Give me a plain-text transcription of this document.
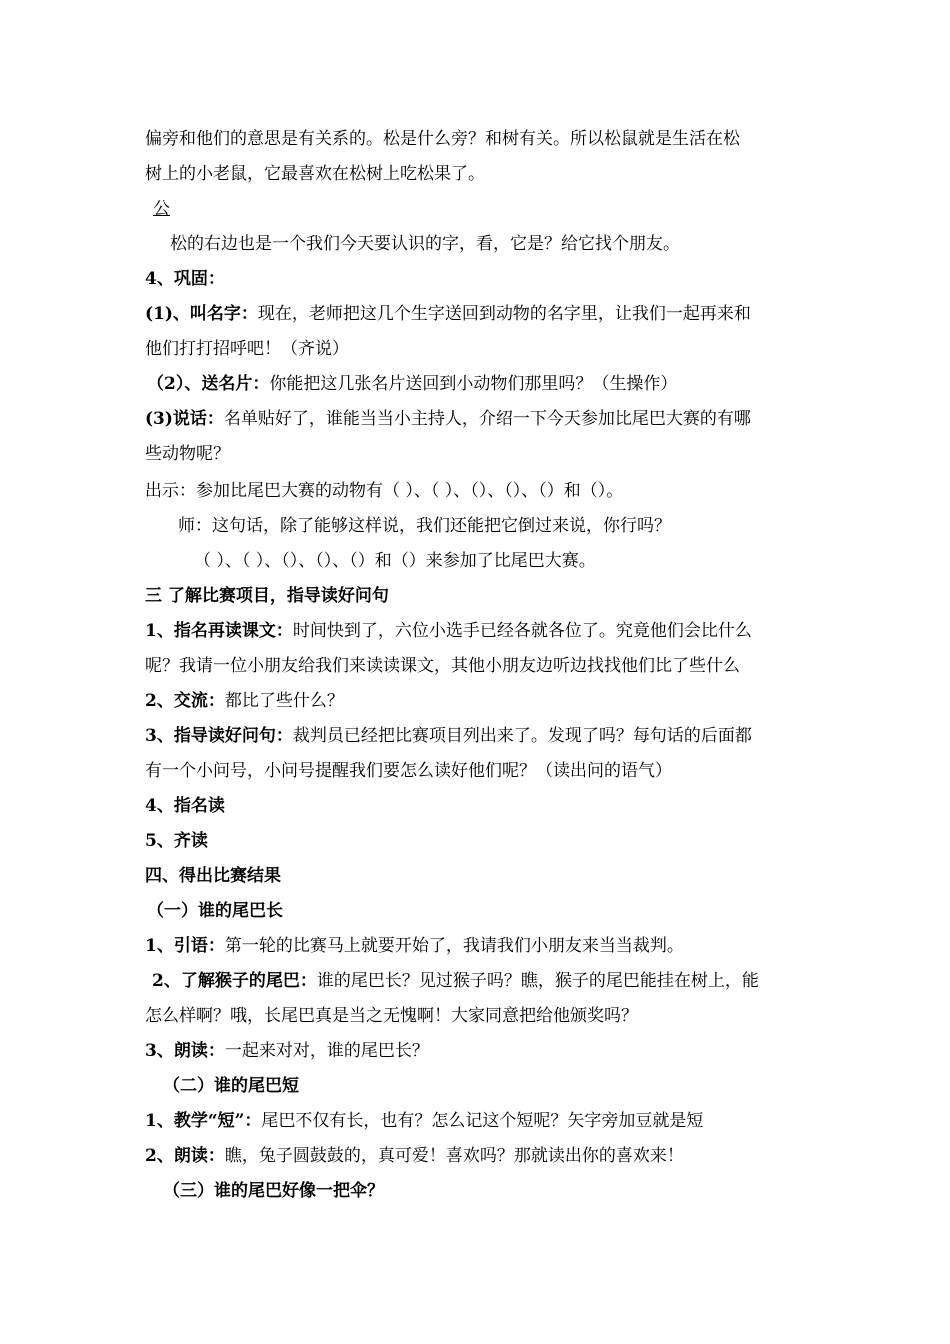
偏旁和他们的意思是有关系的。松是什么旁？和树有关。所以松鼠就是生活在松
树上的小老鼠，它最喜欢在松树上吃松果了。
公
松的右边也是一个我们今天要认识的字，看，它是？给它找个朋友。
4、巩固：
(1)、叫名字：现在，老师把这几个生字送回到动物的名字里，让我们一起再来和
他们打打招呼吧！（齐说）
（2）、送名片：你能把这几张名片送回到小动物们那里吗？（生操作）
(3)说话：名单贴好了，谁能当当小主持人，介绍一下今天参加比尾巴大赛的有哪
些动物呢？
出示：参加比尾巴大赛的动物有（ ）、（ ）、（）、（）、（）和（）。
师：这句话，除了能够这样说，我们还能把它倒过来说，你行吗？
（ ）、（ ）、（）、（）、（）和（）来参加了比尾巴大赛。
三 了解比赛项目，指导读好问句
1、指名再读课文：时间快到了，六位小选手已经各就各位了。究竟他们会比什么
呢？我请一位小朋友给我们来读读课文，其他小朋友边听边找找他们比了些什么
2、交流：都比了些什么？
3、指导读好问句：裁判员已经把比赛项目列出来了。发现了吗？每句话的后面都
有一个小问号，小问号提醒我们要怎么读好他们呢？（读出问的语气）
4、指名读
5、齐读
四、得出比赛结果
（一）谁的尾巴长
1、引语：第一轮的比赛马上就要开始了，我请我们小朋友来当当裁判。
2、了解猴子的尾巴：谁的尾巴长？见过猴子吗？瞧，猴子的尾巴能挂在树上，能
怎么样啊？哦，长尾巴真是当之无愧啊！大家同意把给他颁奖吗？
3、朗读：一起来对对，谁的尾巴长？
（二）谁的尾巴短
1、教学“短”：尾巴不仅有长，也有？怎么记这个短呢？矢字旁加豆就是短
2、朗读：瞧，兔子圆鼓鼓的，真可爱！喜欢吗？那就读出你的喜欢来！
（三）谁的尾巴好像一把伞？
